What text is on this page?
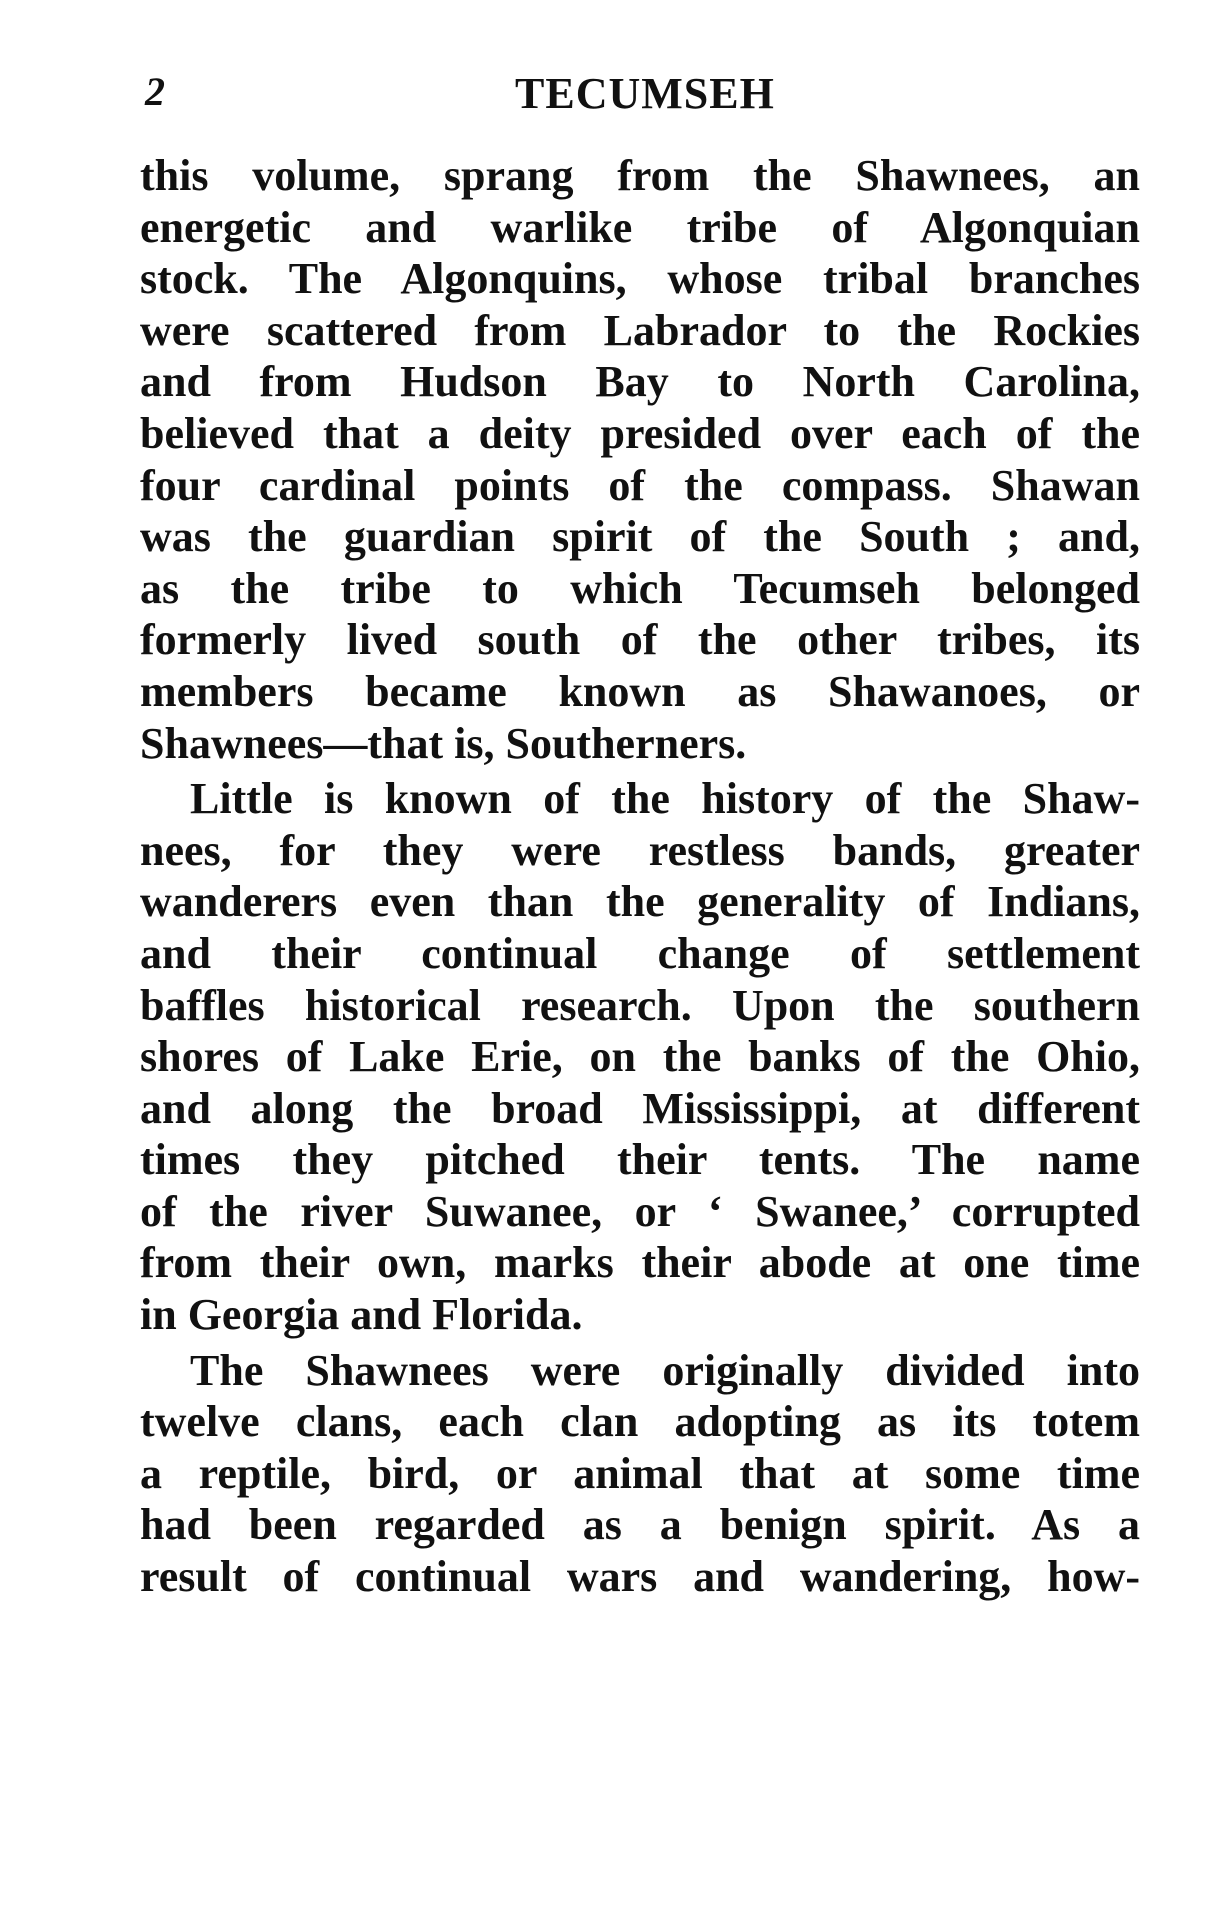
2	TECUMSEH
this volume, sprang from the Shawnees, an
energetic and warlike tribe of Algonquian
stock. The Algonquins, whose tribal branches
were scattered from Labrador to the Rockies
and from Hudson Bay to North Carolina,
believed that a deity presided over each of the
four cardinal points of the compass. Shawan
was the guardian spirit of the South ; and,
as the tribe to which Tecumseh belonged
formerly lived south of the other tribes, its
members became known as Shawanoes, or
Shawnees—that is, Southerners.
Little is known of the history of the Shaw-
nees, for they were restless bands, greater
wanderers even than the generality of Indians,
and their continual change of settlement
baffles historical research. Upon the southern
shores of Lake Erie, on the banks of the Ohio,
and along the broad Mississippi, at different
times they pitched their tents. The name
of the river Suwanee, or ‘ Swanee,’ corrupted
from their own, marks their abode at one time
in Georgia and Florida.
The Shawnees were originally divided into
twelve clans, each clan adopting as its totem
a reptile, bird, or animal that at some time
had been regarded as a benign spirit. As a
result of continual wars and wandering, how-
